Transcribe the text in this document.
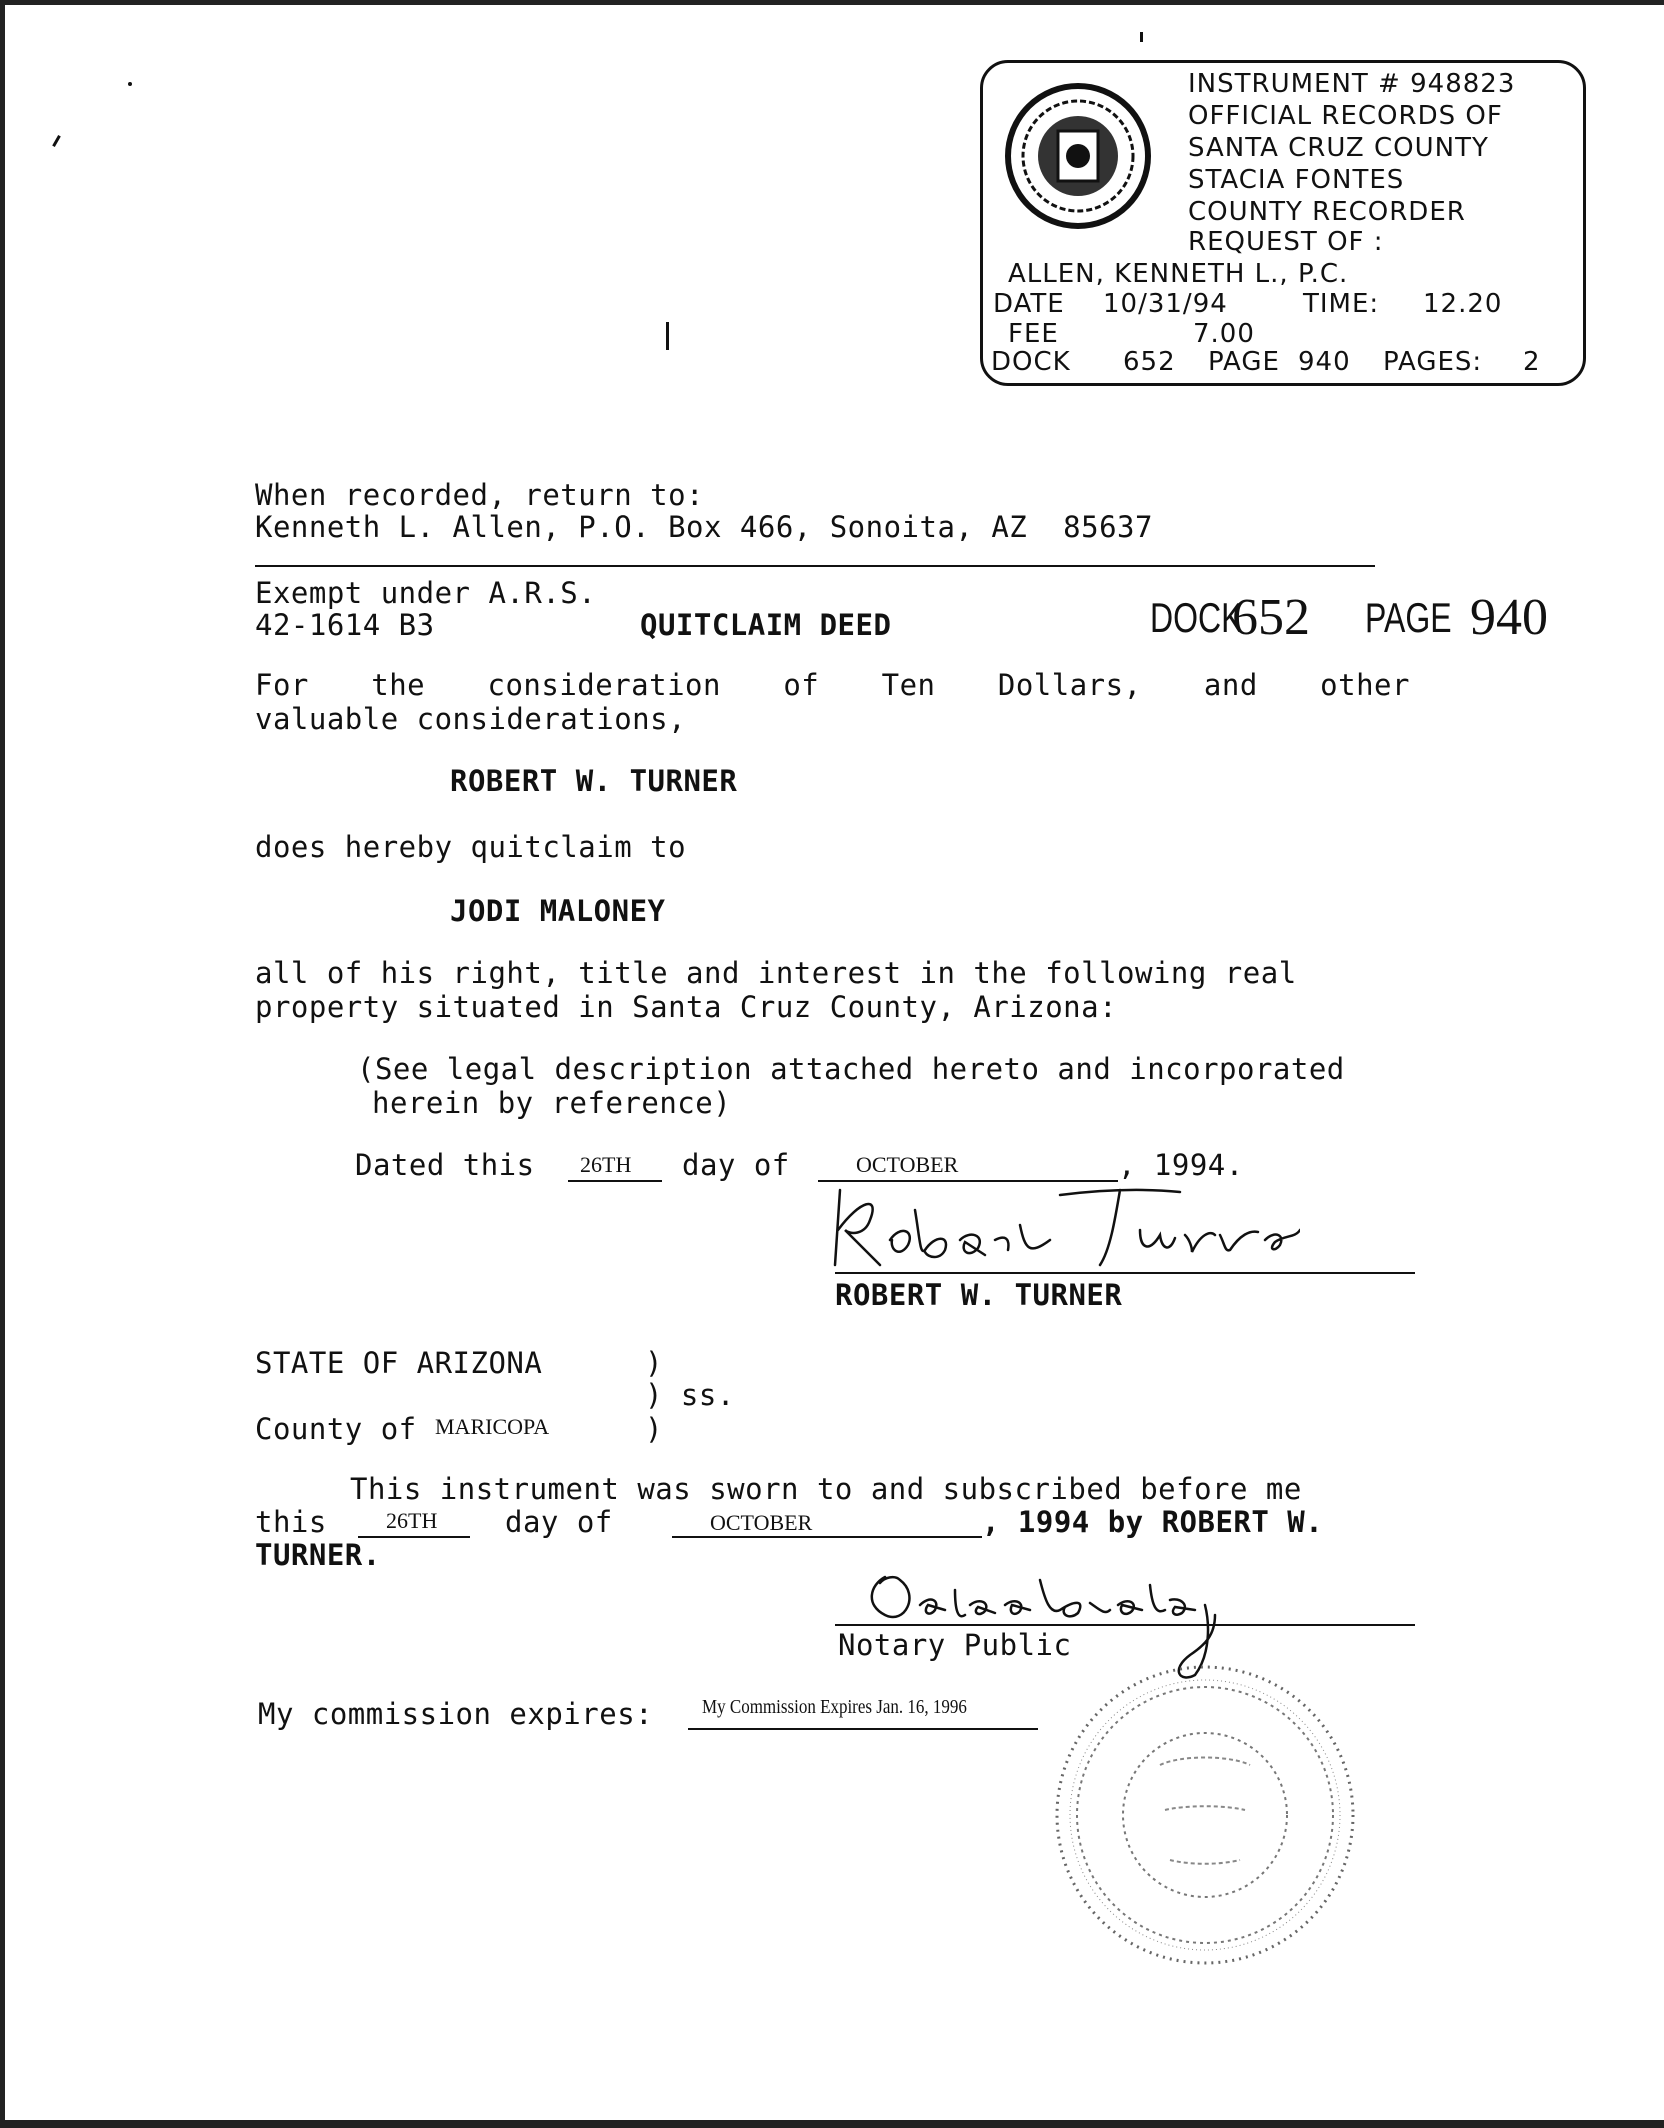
INSTRUMENT # 948823
OFFICIAL RECORDS OF
SANTA CRUZ COUNTY
STACIA FONTES
COUNTY RECORDER
REQUEST OF :
ALLEN, KENNETH L., P.C.
DATE 10/31/94	TIME: 12.20
FEE	7.00
DOCK 652 PAGE 940 PAGES: 2
When recorded, return to:
Kenneth L. Allen, P.O. Box 466, Sonoita, AZ  85637
Exempt under A.R.S.
42-1614 B3	QUITCLAIM DEED	DOCK
652 PAGE 940
For the consideration of Ten Dollars, and other
valuable considerations,
ROBERT W. TURNER
does hereby quitclaim to
JODI MALONEY
all of his right, title and interest in the following real
property situated in Santa Cruz County, Arizona:
(See legal description attached hereto and incorporated
herein by reference)
Dated this

26TH day of

	OCTOBER	, 1994.
ROBERT W. TURNER
STATE OF ARIZONA	)
) ss.
County of MARICOPA	)
This instrument was sworn to and subscribed before me
this

	26TH day of

	OCTOBER	, 1994 by ROBERT W.
TURNER.
Notary Public
My commission expires:

My Commission Expires Jan. 16, 1996
